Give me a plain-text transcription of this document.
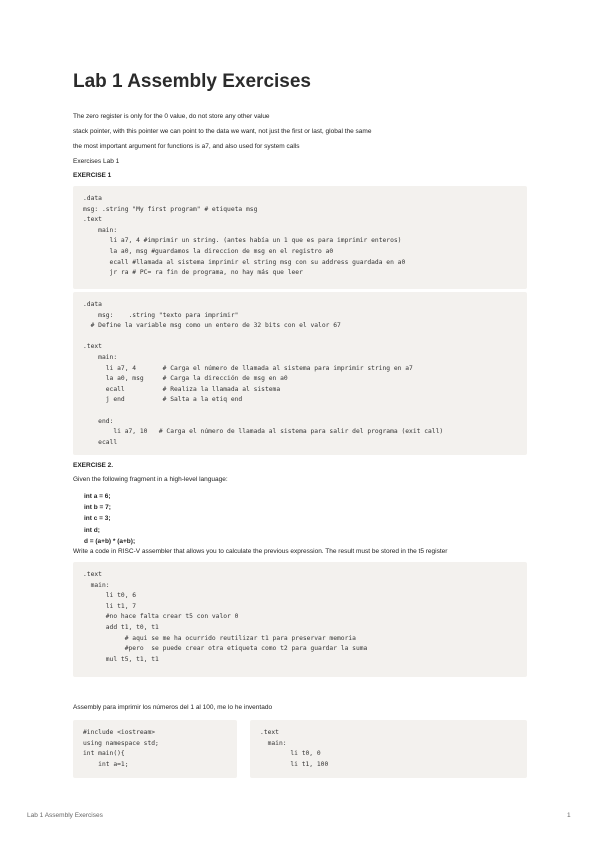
Lab 1 Assembly Exercises
The zero register is only for the 0 value, do not store any other value
stack pointer, with this pointer we can point to the data we want, not just the first or last, global the same
the most important argument for functions is a7, and also used for system calls
Exercises Lab 1
EXERCISE 1
.data
msg: .string "My first program" # etiqueta msg
.text
main:
li a7, 4 #imprimir un string. (antes había un 1 que es para imprimir enteros)
la a0, msg #guardamos la direccion de msg en el registro a0
ecall #llamada al sistema imprimir el string msg con su address guardada en a0
jr ra # PC= ra fin de programa, no hay más que leer
.data
msg:    .string "texto para imprimir"
# Define la variable msg como un entero de 32 bits con el valor 67
.text
main:
li a7, 4       # Carga el número de llamada al sistema para imprimir string en a7
la a0, msg     # Carga la dirección de msg en a0
ecall          # Realiza la llamada al sistema
j end          # Salta a la etiq end
end:
li a7, 10   # Carga el número de llamada al sistema para salir del programa (exit call)
ecall
EXERCISE 2.
Given the following fragment in a high-level language:
int a = 6;
int b = 7;
int c = 3;
int d;
d = (a+b) * (a+b);
Write a code in RISC-V assembler that allows you to calculate the previous expression. The result must be stored in the t5 register
.text
main:
li t0, 6
li t1, 7
#no hace falta crear t5 con valor 0
add t1, t0, t1
# aqui se me ha ocurrido reutilizar t1 para preservar memoria
#pero  se puede crear otra etiqueta como t2 para guardar la suma
mul t5, t1, t1
Assembly para imprimir los números del 1 al 100, me lo he inventado
#include <iostream>
using namespace std;
int main(){
int a=1;
.text
main:
li t0, 0
li t1, 100
Lab 1 Assembly Exercises	1
